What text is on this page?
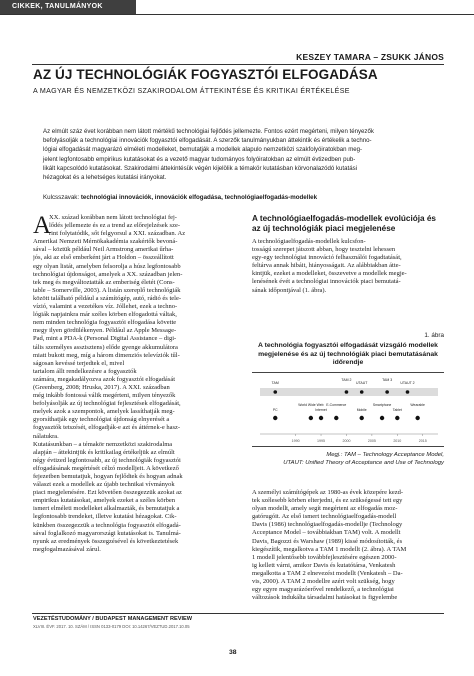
CIKKEK, TANULMÁNYOK
KESZEY TAMARA – ZSUKK JÁNOS
AZ ÚJ TECHNOLÓGIÁK FOGYASZTÓI ELFOGADÁSA
A MAGYAR ÉS NEMZETKÖZI SZAKIRODALOM ÁTTEKINTÉSE ÉS KRITIKAI ÉRTÉKELÉSE
Az elmúlt száz évet korábban nem látott mértékű technológiai fejlődés jellemezte. Fontos ezért megérteni, milyen tényezők
befolyásolják a technológiai innovációk fogyasztói elfogadását. A szerzők tanulmányukban áttekintik és értékelik a techno-
lógiai elfogadását magyarázó elméleti modelleket, bemutatják a modellek alapulo nemzetközi szakfolyóiratokban meg-
jelent legfontosabb empirikus kutatásokat és a vezető magyar tudományos folyóiratokban az elmúlt évtizedben pub-
likált kapcsolódó kutatásokat. Szakirodalmi áttekintésük végén kijelölik a témakör kutatásban körvonalazódó kutatási
hézagokat és a lehetséges kutatási irányokat.
Kulcsszavak: technológiai innovációk, innovációk elfogadása, technológiaelfogadás-modellek
A
XX. század korábban nem látott technológiai fej-
lődés jellemezte és ez a trend az előrejelzések sze-
rint folytatódik, sőt felgyorsul a XXI. században. Az
Amerikai Nemzeti Mérnökakadémia szakértők bevoná-
sával – köztük például Neil Armstrong amerikai űrha-
jós, aki az első emberként járt a Holdon – összeállított
egy olyan listát, amelyben felsorolja a húsz legfontosabb
technológiai újdonságot, amelyek a XX. században jelen-
tek meg és megváltoztatták az emberiség életét (Cons-
table – Somerville, 2003). A listán szereplő technológiák
között található például a számítógép, autó, rádió és tele-
vízió, valamint a vezetékes víz. Jóllehet, ezek a techno-
lógiák napjainkra már széles körben elfogadottá váltak,
nem minden technológia fogyasztói elfogadása követte
megy ilyen gördülékenyen. Például az Apple Message-
Pad, mint a PDA-k (Personal Digital Assistance – digi-
tális személyes asszisztens) előde gyenge akkumulátora
miatt bukott meg, míg a három dimenziós televíziók tűl-
ságosan kevéssé terjedtek el, mivel
tartalom állt rendelkezésre a fogyasztók
számára, megakadályozva azok fogyasztói elfogadását
(Greenberg, 2008; Hruska, 2017). A XXI. században
még inkább fontossá válik megérteni, milyen tényezők
befolyásolják az új technológiai fejlesztések elfogadását,
melyek azok a szempontok, amelyek lassíthatják meg-
gyorsíthatják egy technológiai újdonság elnyerését a
fogyasztók tetszését, elfogadják-e azt és áttérnek-e hasz-
nálatukra.
Kutatásunkban – a témakör nemzetközi szakirodalma
alapján – áttekintjük és kritikailag értékeljük az elmúlt
négy évtized legfontosabb, az új technológiák fogyasztói
elfogadásának megértését célzó modelljeit. A következő
fejezetben bemutatjuk, hogyan fejlődtek és hogyan adnak
választ ezek a modellek az újabb technikai vívmányok
piaci megjelenésére. Ezt követően összegezzük azokat az
empirikus kutatásokat, amelyek ezeket a széles körben
ismert elméleti modelleket alkalmazták, és bemutatjuk a
legfontosabb trendeket, illetve kutatási hézagokat. Cik-
künkben összegezzük a technológia fogyasztói elfogadá-
sával foglalkozó magyarországi kutatásokat is. Tanulmá-
nyunk az eredmények összegzésével és következtetések
megfogalmazásával zárul.
A technológiaelfogadás-modellek evolúciója és az új technológiák piaci megjelenése
A technológiaelfogadás-modellek kulcsfon-
tosságú szerepet játszott abban, hogy tesztelni lehessen
egy-egy technológiai innováció felhasználói fogadtatását,
feltárva annak hibáit, hiányosságait. Az alábbiakban átte-
kintjük, ezeket a modelleket, összevetve a modellek megje-
lenésének évét a technológiai innovációk piaci bemutatá-
sának időpontjával (1. ábra).
1. ábra
A technológia fogyasztói elfogadását vizsgáló modellek megjelenése és az új technológiák piaci bemutatásának időrendje
1990	1995	2000	2005	2010	2015
TAM
TAM 2
UTAUT
TAM 3
UTAUT 2
PC
World Wide Web
Internet
E-Commerce
Mobile
Smartphone
Tablet
Wearable
Megj.: TAM – Technology Acceptance Model,
UTAUT: Unified Theory of Acceptance and Use of Technology
A személyi számítógépek az 1980-as évek közepére kezd-
tek szélesebb körben elterjedni, és ez szükségessé tett egy
olyan modellt, amely segít megérteni az elfogadás moz-
gatórugóit. Az első ismert technológiaelfogadás-modell
Davis (1986) technológiaelfogadás-modellje (Technology
Acceptance Model – továbbiakban TAM) volt. A modellt
Davis, Bagozzi és Warshaw (1989) kissé módosították, és
kiegészítik, megalkotva a TAM 1 modellt (2. ábra). A TAM
1 modell jelentősebb továbbfejlesztésére egészen 2000-
ig kellett várni, amikor Davis és kutatótársa, Venkatesh
megalkotta a TAM 2 elnevezést modellt (Venkatesh – Da-
vis, 2000). A TAM 2 modellre azért volt szükség, hogy
egy egyre magyarázóerővel rendelkező, a technológiai
változások indukálta társadalmi hatásokat is figyelembe
VEZETÉSTUDOMÁNY / BUDAPEST MANAGEMENT REVIEW
XLVIII. ÉVF. 2017. 10. SZÁM / ISSN 0133-0179 DOI: 10.14267/VEZTUD.2017.10.05
38
